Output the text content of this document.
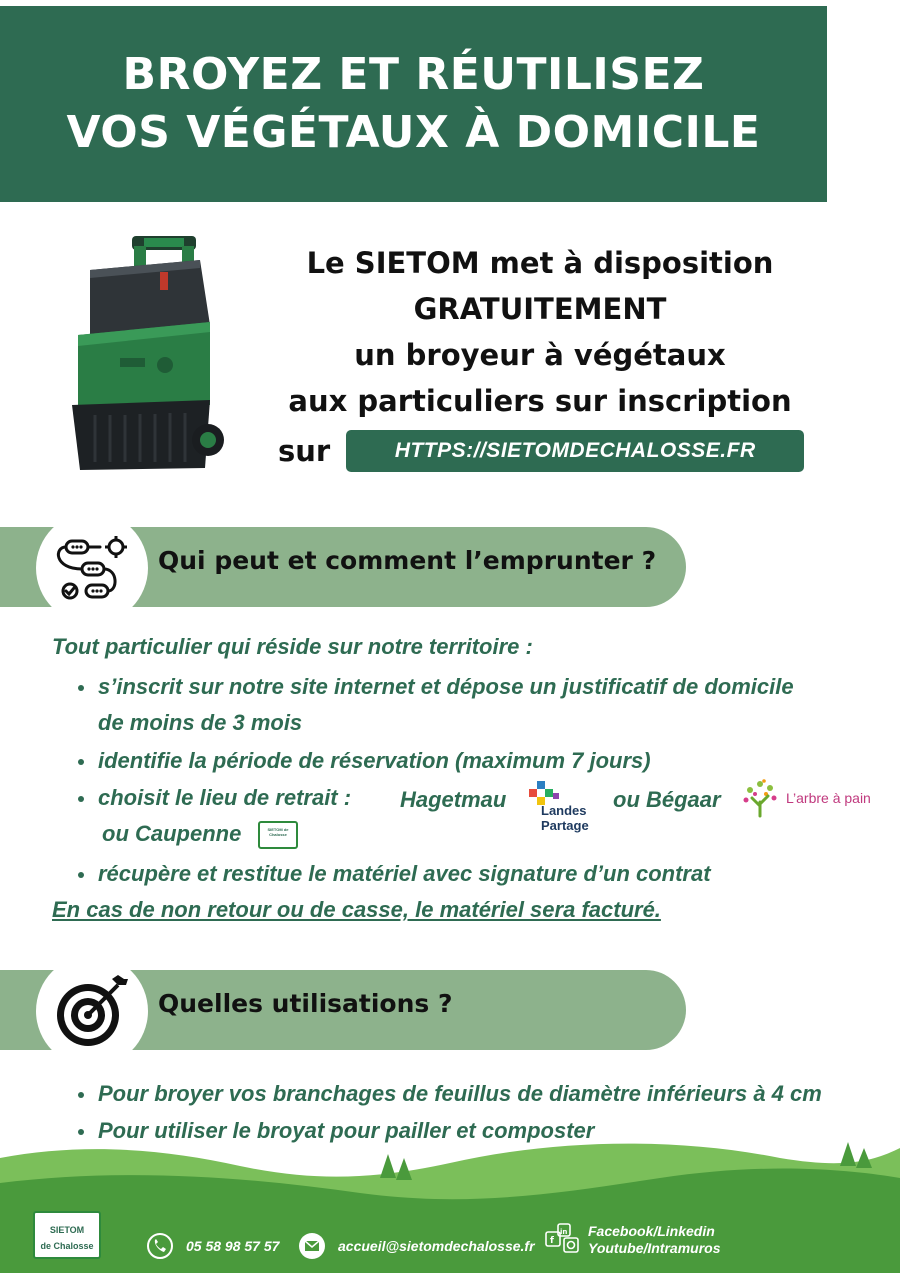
BROYEZ ET RÉUTILISEZ
VOS VÉGÉTAUX À DOMICILE
Le SIETOM met à disposition
GRATUITEMENT
un broyeur à végétaux
aux particuliers sur inscription
sur	HTTPS://SIETOMDECHALOSSE.FR
Qui peut et comment l’emprunter ?
Tout particulier qui réside sur notre territoire :
s’inscrit sur notre site internet et dépose un justificatif de domicile
de moins de 3 mois
identifie la période de réservation (maximum 7 jours)
choisit le lieu de retrait :	Hagetmau	Landes
Partage
ou Bégaar	L’arbre à pain
ou Caupenne	SIETOM de Chalosse
récupère et restitue le matériel avec signature d’un contrat
En cas de non retour ou de casse, le matériel sera facturé.
Quelles utilisations ?
Pour broyer vos branchages de feuillus de diamètre inférieurs à 4 cm
Pour utiliser le broyat pour pailler et composter
SIETOM
de Chalosse	05 58 98 57 57	accueil@sietomdechalosse.fr f
in Facebook/Linkedin
Youtube/Intramuros
